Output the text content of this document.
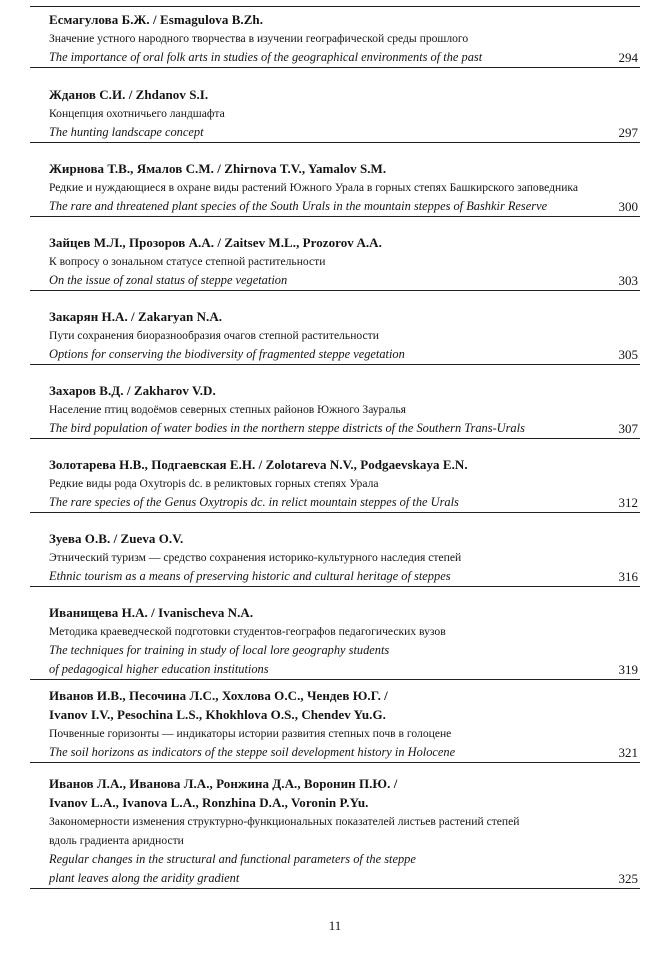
Есмагулова Б.Ж. / Esmagulova B.Zh.
Значение устного народного творчества в изучении географической среды прошлого
The importance of oral folk arts in studies of the geographical environments of the past	294
Жданов С.И. / Zhdanov S.I.
Концепция охотничьего ландшафта
The hunting landscape concept	297
Жирнова Т.В., Ямалов С.М. / Zhirnova T.V., Yamalov S.M.
Редкие и нуждающиеся в охране виды растений Южного Урала в горных степях Башкирского заповедника
The rare and threatened plant species of the South Urals in the mountain steppes of Bashkir Reserve	300
Зайцев М.Л., Прозоров А.А. / Zaitsev M.L., Prozorov A.A.
К вопросу о зональном статусе степной растительности
On the issue of zonal status of steppe vegetation	303
Закарян Н.А. / Zakaryan N.A.
Пути сохранения биоразнообразия очагов степной растительности
Options for conserving the biodiversity of fragmented steppe vegetation	305
Захаров В.Д. / Zakharov V.D.
Население птиц водоёмов северных степных районов Южного Зауралья
The bird population of water bodies in the northern steppe districts of the Southern Trans-Urals	307
Золотарева Н.В., Подгаевская Е.Н. / Zolotareva N.V., Podgaevskaya E.N.
Редкие виды рода Oxytropis dc. в реликтовых горных степях Урала
The rare species of the Genus Oxytropis dc. in relict mountain steppes of the Urals	312
Зуева О.В. / Zueva O.V.
Этнический туризм — средство сохранения историко-культурного наследия степей
Ethnic tourism as a means of preserving historic and cultural heritage of steppes	316
Иванищева Н.А. / Ivanischeva N.A.
Методика краеведческой подготовки студентов-географов педагогических вузов
The techniques for training in study of local lore geography students
of pedagogical higher education institutions	319
Иванов И.В., Песочина Л.С., Хохлова О.С., Чендев Ю.Г. /
Ivanov I.V., Pesochina L.S., Khokhlova O.S., Chendev Yu.G.
Почвенные горизонты — индикаторы истории развития степных почв в голоцене
The soil horizons as indicators of the steppe soil development history in Holocene	321
Иванов Л.А., Иванова Л.А., Ронжина Д.А., Воронин П.Ю. /
Ivanov L.A., Ivanova L.A., Ronzhina D.A., Voronin P.Yu.
Закономерности изменения структурно-функциональных показателей листьев растений степей
вдоль градиента аридности
Regular changes in the structural and functional parameters of the steppe
plant leaves along the aridity gradient	325
11
